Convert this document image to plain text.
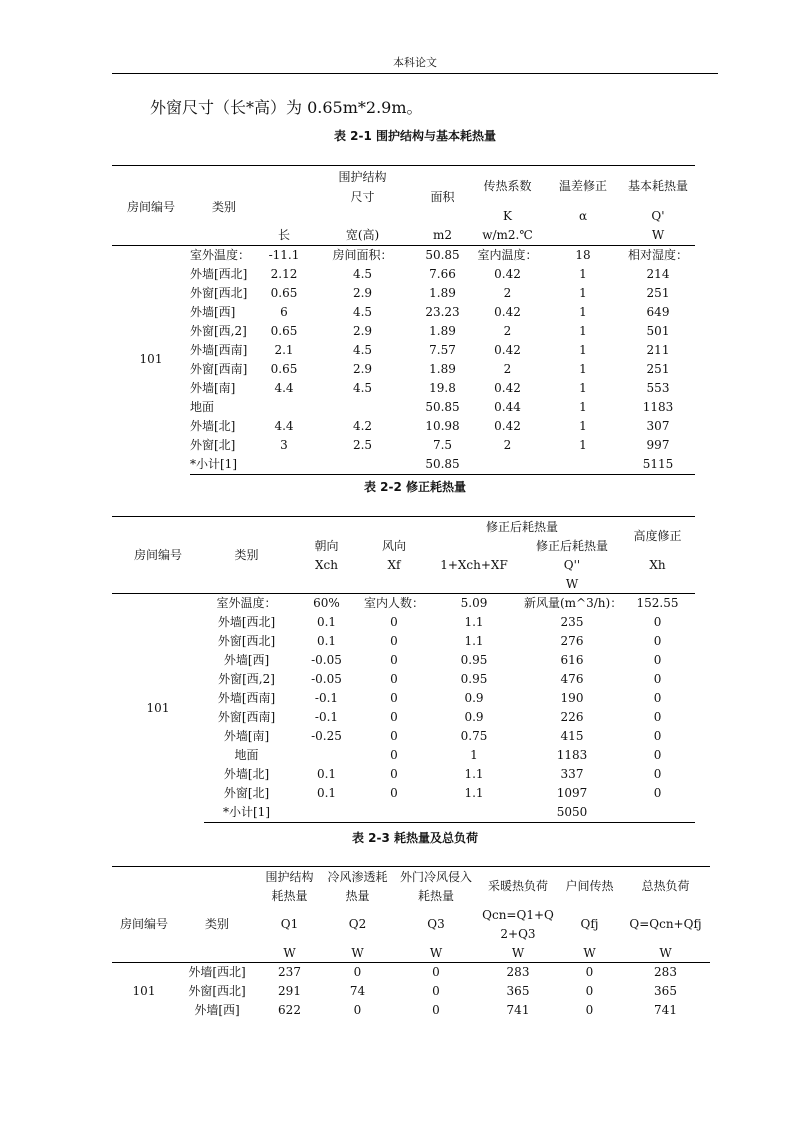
本科论文
外窗尺寸（长*高）为 0.65m*2.9m。
表 2-1 围护结构与基本耗热量
			围护结构		传热系数	温差修正	基本耗热量
房间编号	类别		尺寸	面积			
					K	α	Q'
		长	宽(高)	m2	w/m2.℃		W
101	室外温度：	-11.1	房间面积：	50.85	室内温度：	18	相对湿度：
	外墙[西北]	2.12	4.5	7.66	0.42	1	214
	外窗[西北]	0.65	2.9	1.89	2	1	251
	外墙[西]	6	4.5	23.23	0.42	1	649
	外窗[西,2]	0.65	2.9	1.89	2	1	501
	外墙[西南]	2.1	4.5	7.57	0.42	1	211
	外窗[西南]	0.65	2.9	1.89	2	1	251
	外墙[南]	4.4	4.5	19.8	0.42	1	553
	地面			50.85	0.44	1	1183
	外墙[北]	4.4	4.2	10.98	0.42	1	307
	外窗[北]	3	2.5	7.5	2	1	997
	*小计[1]			50.85			5115
表 2-2 修正耗热量
				修正后耗热量		高度修正
房间编号	类别	朝向	风向		修正后耗热量	
		Xch	Xf	1+Xch+XF	Q''	Xh
					W	
101	室外温度：	60%	室内人数：	5.09	新风量(m^3/h)：	152.55
	外墙[西北]	0.1	0	1.1	235	0
	外窗[西北]	0.1	0	1.1	276	0
	外墙[西]	-0.05	0	0.95	616	0
	外窗[西,2]	-0.05	0	0.95	476	0
	外墙[西南]	-0.1	0	0.9	190	0
	外窗[西南]	-0.1	0	0.9	226	0
	外墙[南]	-0.25	0	0.75	415	0
	地面		0	1	1183	0
	外墙[北]	0.1	0	1.1	337	0
	外窗[北]	0.1	0	1.1	1097	0
	*小计[1]				5050	
表 2-3 耗热量及总负荷
		围护结构	冷风渗透耗	外门冷风侵入	采暖热负荷	户间传热	总热负荷
		耗热量	热量	耗热量			
房间编号	类别	Q1	Q2	Q3	Qcn=Q1+Q	Qfj	Q=Qcn+Qfj
					2+Q3		
		W	W	W	W	W	W
101	外墙[西北]	237	0	0	283	0	283
	外窗[西北]	291	74	0	365	0	365
	外墙[西]	622	0	0	741	0	741
